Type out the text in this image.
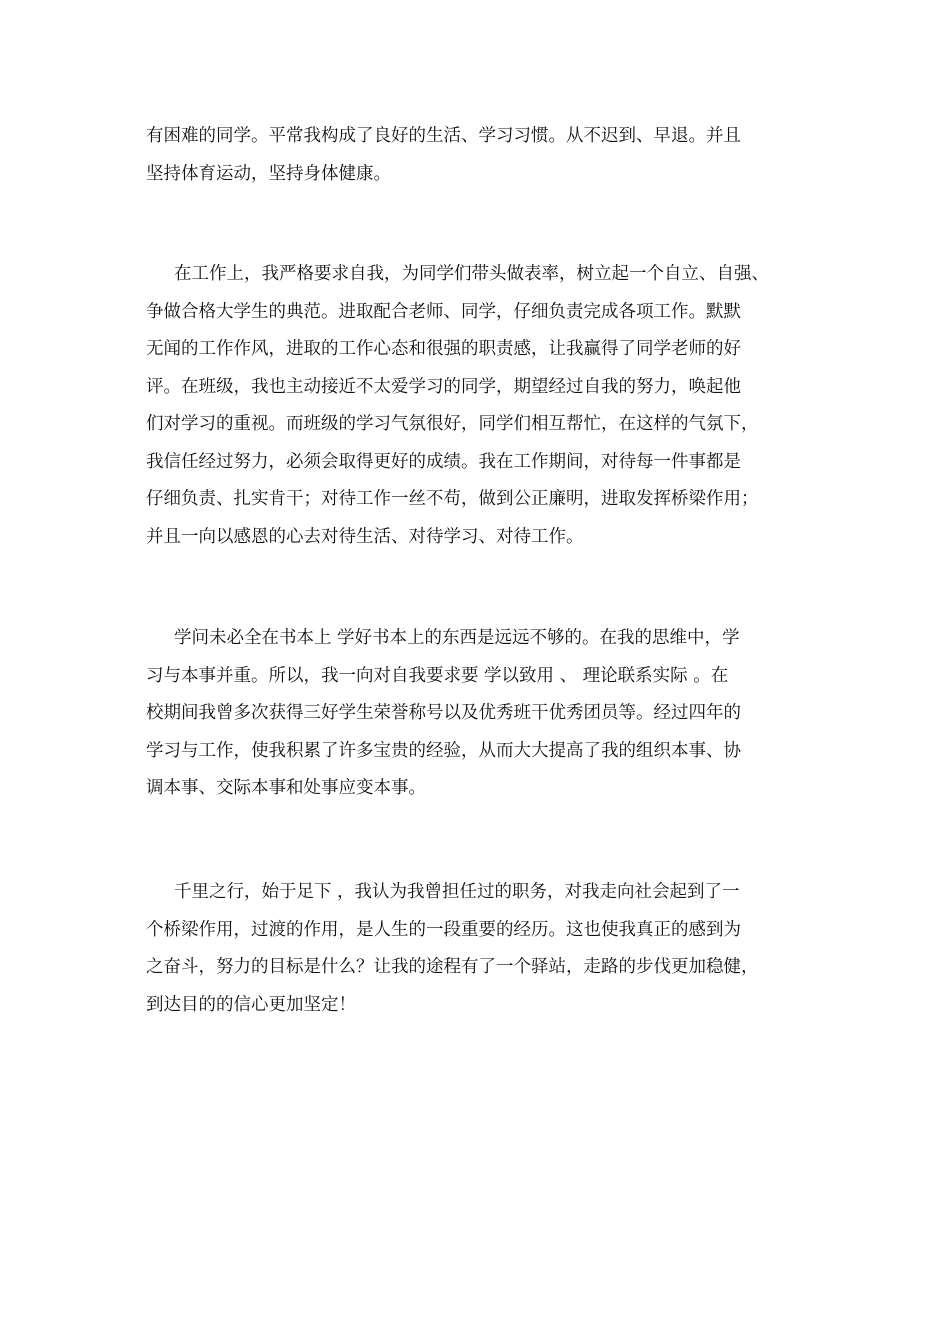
有困难的同学。平常我构成了良好的生活、学习习惯。从不迟到、早退。并且
坚持体育运动，坚持身体健康。
在工作上，我严格要求自我，为同学们带头做表率，树立起一个自立、自强、
争做合格大学生的典范。进取配合老师、同学，仔细负责完成各项工作。默默
无闻的工作作风，进取的工作心态和很强的职责感，让我赢得了同学老师的好
评。在班级，我也主动接近不太爱学习的同学，期望经过自我的努力，唤起他
们对学习的重视。而班级的学习气氛很好，同学们相互帮忙，在这样的气氛下，
我信任经过努力，必须会取得更好的成绩。我在工作期间，对待每一件事都是
仔细负责、扎实肯干；对待工作一丝不苟，做到公正廉明，进取发挥桥梁作用；
并且一向以感恩的心去对待生活、对待学习、对待工作。
学问未必全在书本上 学好书本上的东西是远远不够的。在我的思维中，学
习与本事并重。所以，我一向对自我要求要 学以致用 、 理论联系实际 。在
校期间我曾多次获得三好学生荣誉称号以及优秀班干优秀团员等。经过四年的
学习与工作，使我积累了许多宝贵的经验，从而大大提高了我的组织本事、协
调本事、交际本事和处事应变本事。
千里之行，始于足下 ，我认为我曾担任过的职务，对我走向社会起到了一
个桥梁作用，过渡的作用，是人生的一段重要的经历。这也使我真正的感到为
之奋斗，努力的目标是什么？让我的途程有了一个驿站，走路的步伐更加稳健，
到达目的的信心更加坚定！
